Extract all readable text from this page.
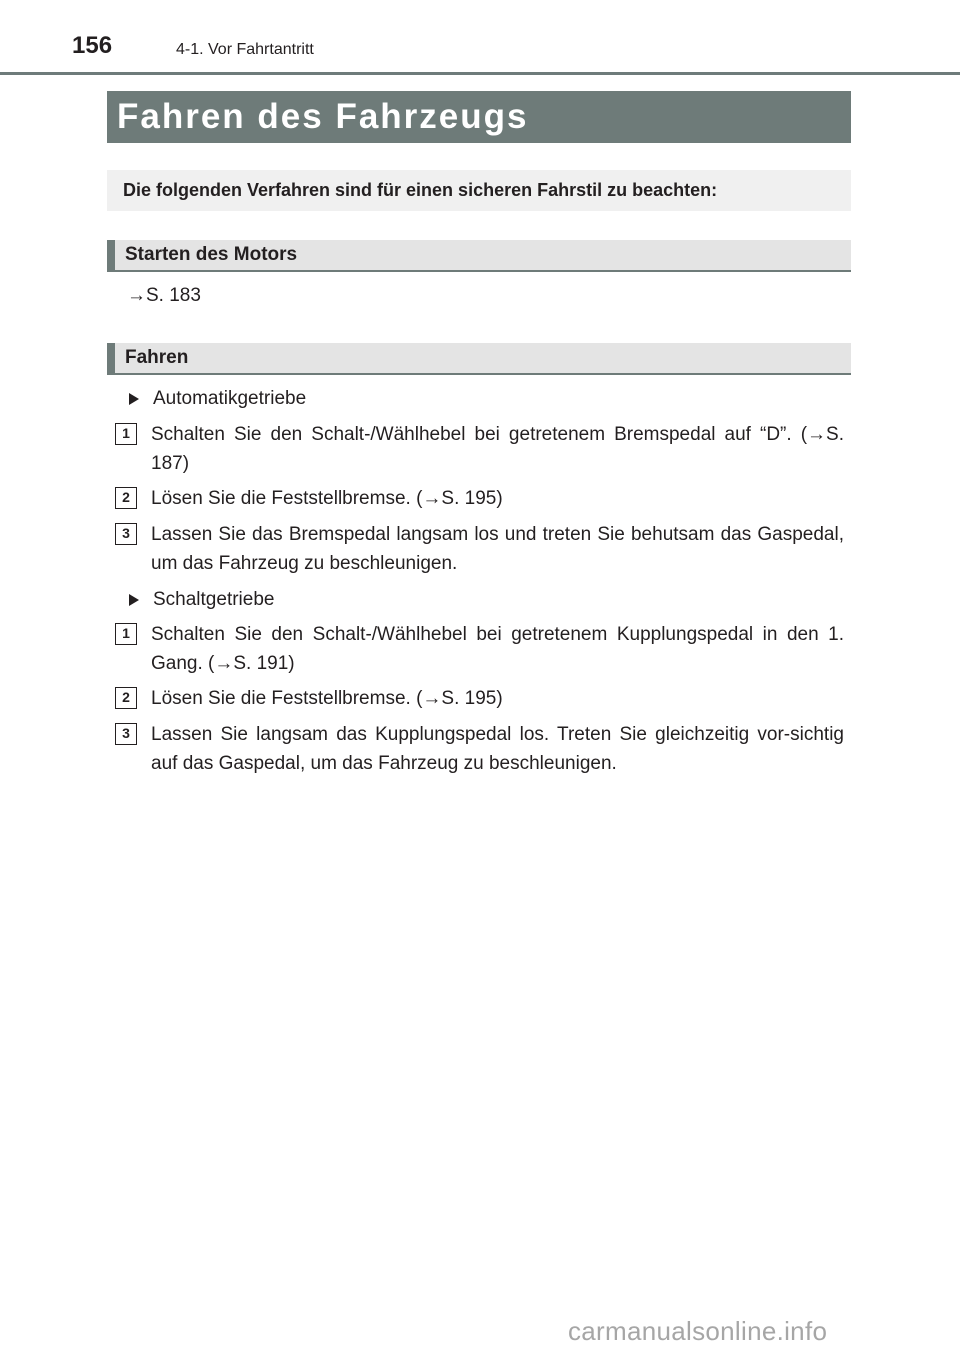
156	4-1. Vor Fahrtantritt
Fahren des Fahrzeugs
Die folgenden Verfahren sind für einen sicheren Fahrstil zu beachten:
Starten des Motors
→S. 183
Fahren
Automatikgetriebe
1	Schalten Sie den Schalt-/Wählhebel bei getretenem Bremspedal auf “D”. (→S. 187)
2	Lösen Sie die Feststellbremse. (→S. 195)
3	Lassen Sie das Bremspedal langsam los und treten Sie behutsam das Gaspedal, um das Fahrzeug zu beschleunigen.
Schaltgetriebe
1	Schalten Sie den Schalt-/Wählhebel bei getretenem Kupplungspedal in den 1. Gang. (→S. 191)
2	Lösen Sie die Feststellbremse. (→S. 195)
3	Lassen Sie langsam das Kupplungspedal los. Treten Sie gleichzeitig vor-sichtig auf das Gaspedal, um das Fahrzeug zu beschleunigen.
carmanualsonline.info
